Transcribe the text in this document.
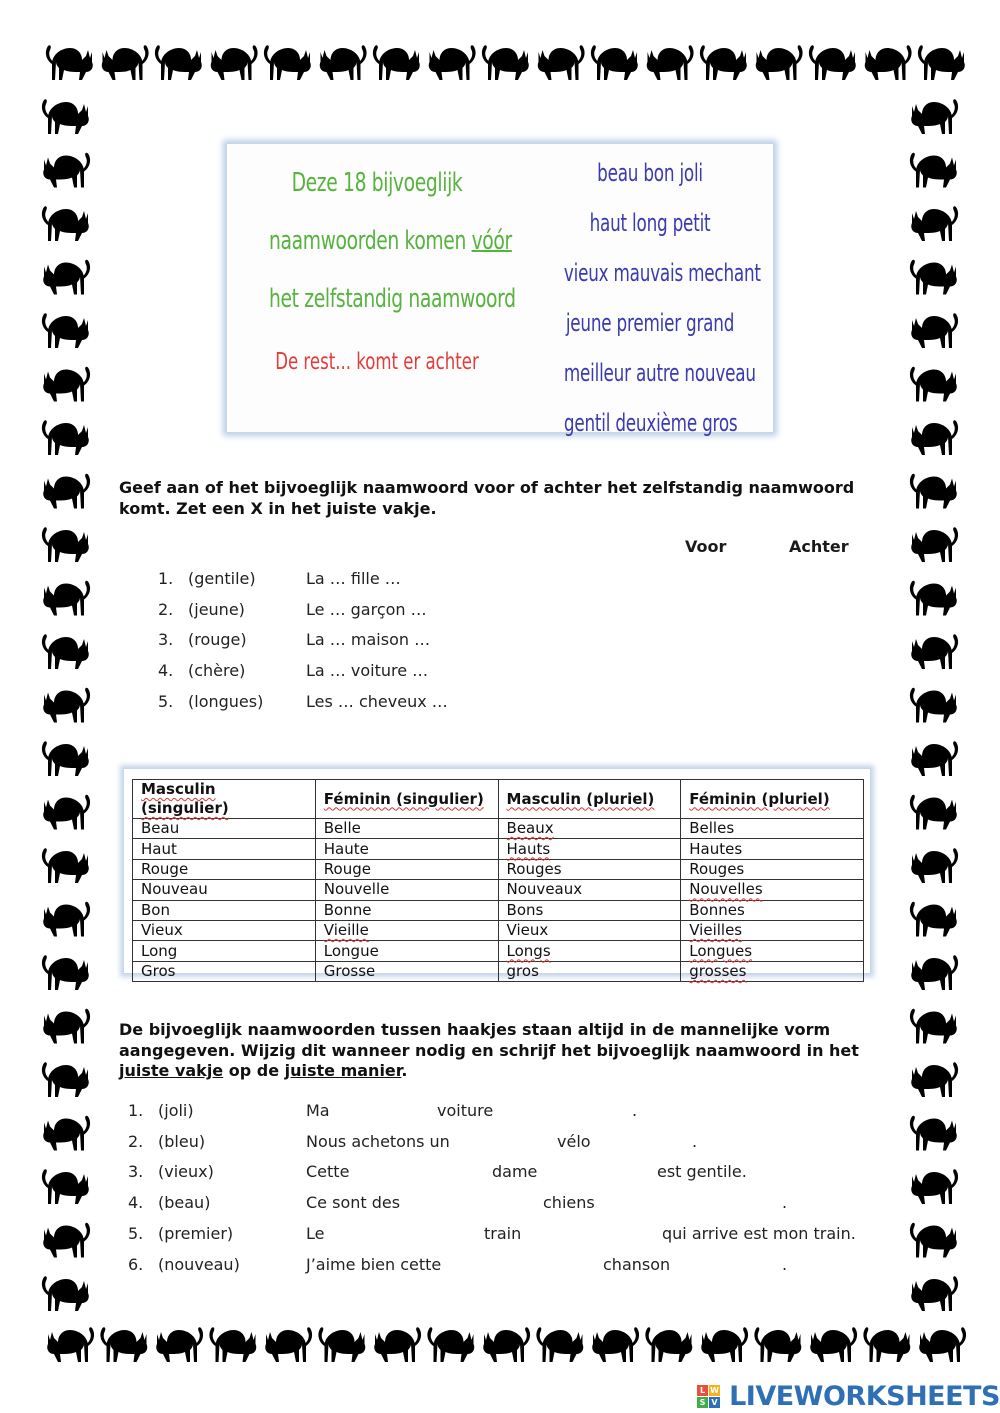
Deze 18 bijvoeglijk
naamwoorden komen vóór
het zelfstandig naamwoord
De rest... komt er achter
beau bon joli
haut long petit
vieux mauvais mechant
jeune premier grand
meilleur autre nouveau
gentil deuxième gros
Geef aan of het bijvoeglijk naamwoord voor of achter het zelfstandig naamwoord komt. Zet een X in het juiste vakje.
Voor	Achter
1. (gentile)	La … fille …
2. (jeune)	Le … garçon …
3. (rouge)	La … maison …
4. (chère)	La … voiture …
5. (longues)	Les … cheveux …
Masculin (singulier)	Féminin (singulier)	Masculin (pluriel)	Féminin (pluriel)
Beau	Belle	Beaux	Belles
Haut	Haute	Hauts	Hautes
Rouge	Rouge	Rouges	Rouges
Nouveau	Nouvelle	Nouveaux	Nouvelles
Bon	Bonne	Bons	Bonnes
Vieux	Vieille	Vieux	Vieilles
Long	Longue	Longs	Longues
Gros	Grosse	gros	grosses
De bijvoeglijk naamwoorden tussen haakjes staan altijd in de mannelijke vorm aangegeven. Wijzig dit wanneer nodig en schrijf het bijvoeglijk naamwoord in het juiste vakje op de juiste manier.
1. (joli)	Ma	voiture	.
2. (bleu)	Nous achetons un	vélo	.
3. (vieux)	Cette	dame	est gentile.
4. (beau)	Ce sont des	chiens	.
5. (premier)	Le	train	qui arrive est mon train.
6. (nouveau)	J’aime bien cette	chanson	.
L W
S V LIVEWORKSHEETS
